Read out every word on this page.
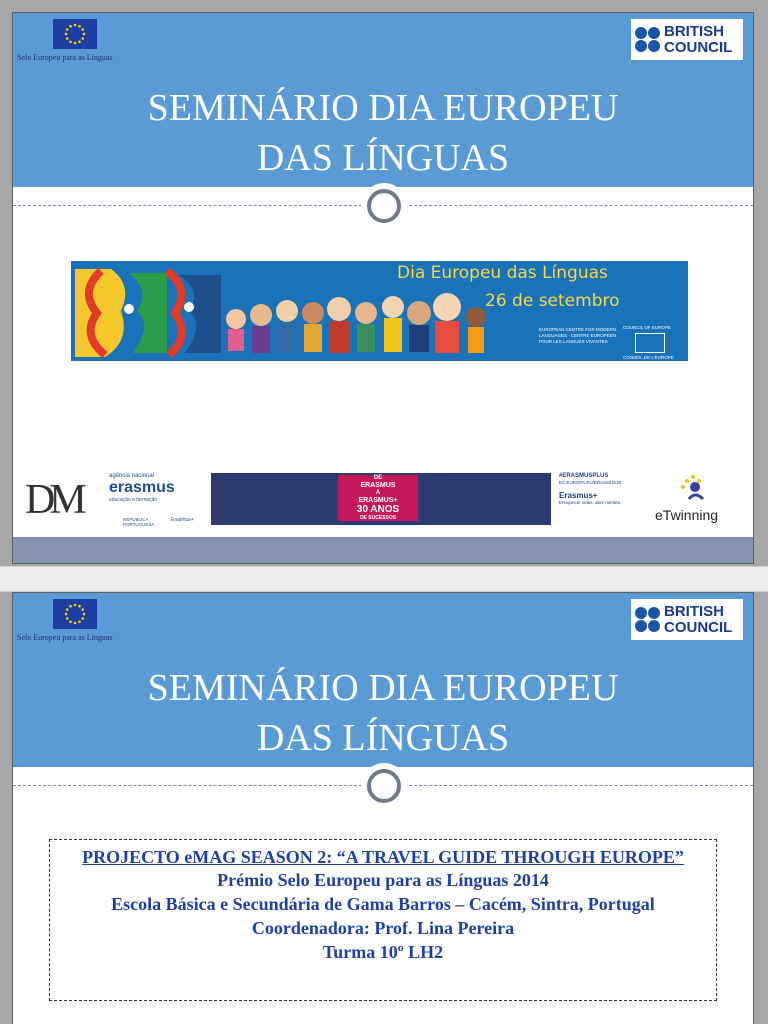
Selo Europeu para as Línguas
BRITISH
COUNCIL
SEMINÁRIO DIA EUROPEU
DAS LÍNGUAS
Dia Europeu das Línguas
26 de setembro
EUROPEAN CENTRE FOR MODERN LANGUAGES · CENTRE EUROPÉEN POUR LES LANGUES VIVANTES
COUNCIL OF EUROPE
CONSEIL DE L'EUROPE
DM
agência nacional
erasmus
educação e formação
REPÚBLICA PORTUGUESA
Erasmus+
DE
ERASMUS
A
ERASMUS+
30 ANOS
DE SUCESSOS
#ERASMUSPLUS
EC.EUROPA.EU/ERASMUS30
Erasmus+
Enriquecer vidas, abrir mentes.
eTwinning
Selo Europeu para as Línguas
BRITISH
COUNCIL
SEMINÁRIO DIA EUROPEU
DAS LÍNGUAS
PROJECTO eMAG SEASON 2: “A TRAVEL GUIDE THROUGH EUROPE”
Prémio Selo Europeu para as Línguas 2014
Escola Básica e Secundária de Gama Barros – Cacém, Sintra, Portugal
Coordenadora: Prof. Lina Pereira
Turma 10º LH2
